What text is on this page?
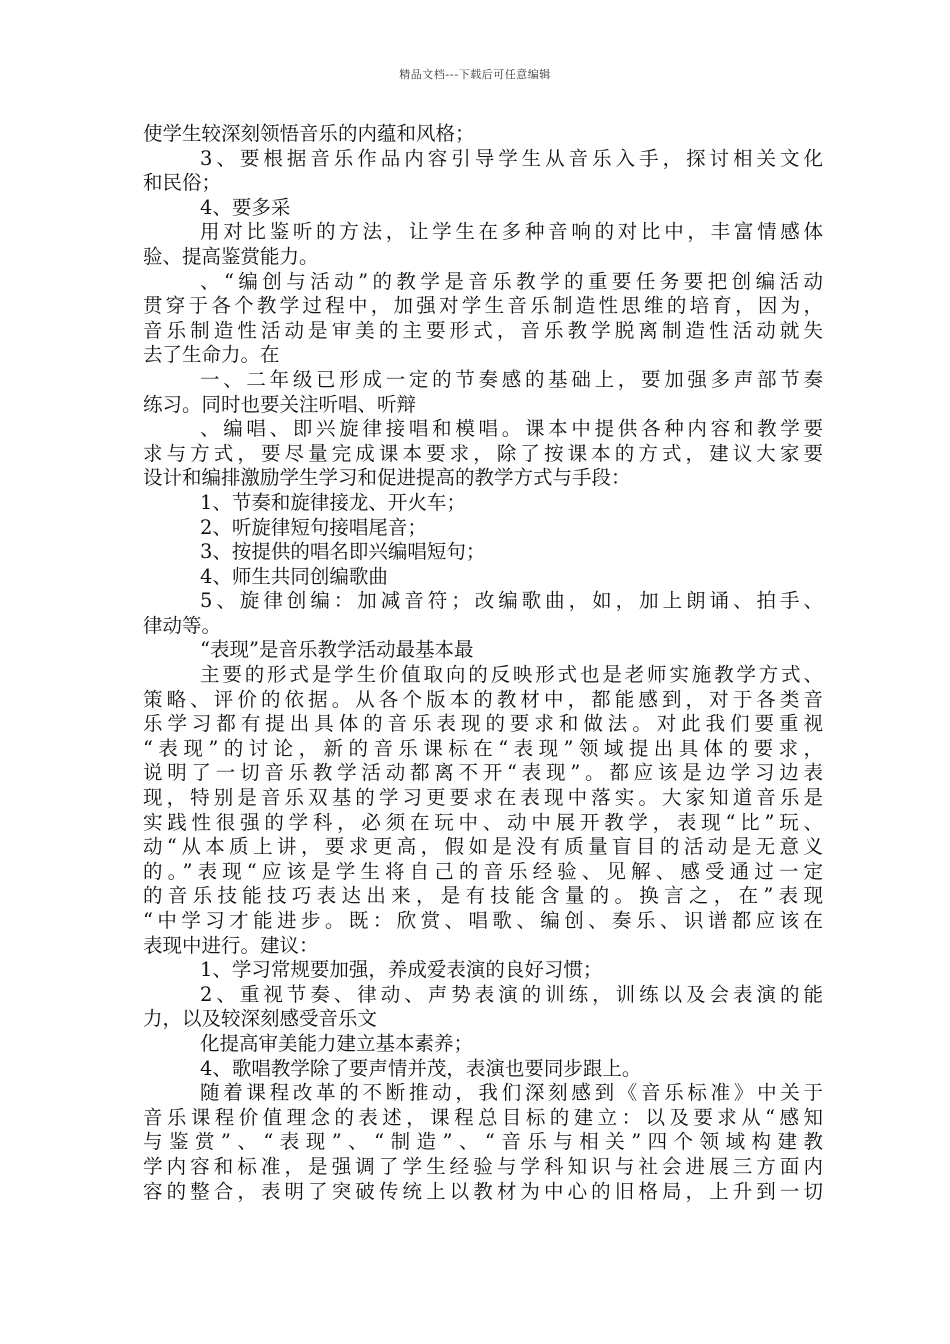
精品文档---下载后可任意编辑
使学生较深刻领悟音乐的内蕴和风格；
3、要根据音乐作品内容引导学生从音乐入手，探讨相关文化
和民俗；
4、要多采
用对比鉴听的方法，让学生在多种音响的对比中，丰富情感体
验、提高鉴赏能力。
、“编创与活动”的教学是音乐教学的重要任务要把创编活动
贯穿于各个教学过程中，加强对学生音乐制造性思维的培育，因为，
音乐制造性活动是审美的主要形式，音乐教学脱离制造性活动就失
去了生命力。在
一、二年级已形成一定的节奏感的基础上，要加强多声部节奏
练习。同时也要关注听唱、听辩
、编唱、即兴旋律接唱和模唱。课本中提供各种内容和教学要
求与方式，要尽量完成课本要求，除了按课本的方式，建议大家要
设计和编排激励学生学习和促进提高的教学方式与手段：
1、节奏和旋律接龙、开火车；
2、听旋律短句接唱尾音；
3、按提供的唱名即兴编唱短句；
4、师生共同创编歌曲
5、旋律创编：加减音符；改编歌曲，如，加上朗诵、拍手、
律动等。
“表现”是音乐教学活动最基本最
主要的形式是学生价值取向的反映形式也是老师实施教学方式、
策略、评价的依据。从各个版本的教材中，都能感到，对于各类音
乐学习都有提出具体的音乐表现的要求和做法。对此我们要重视
“表现”的讨论，新的音乐课标在“表现”领域提出具体的要求，
说明了一切音乐教学活动都离不开“表现”。都应该是边学习边表
现，特别是音乐双基的学习更要求在表现中落实。大家知道音乐是
实践性很强的学科，必须在玩中、动中展开教学，表现“比”玩、
动“从本质上讲，要求更高，假如是没有质量盲目的活动是无意义
的。”表现“应该是学生将自己的音乐经验、见解、感受通过一定
的音乐技能技巧表达出来，是有技能含量的。换言之，在”表现
“中学习才能进步。既：欣赏、唱歌、编创、奏乐、识谱都应该在
表现中进行。建议：
1、学习常规要加强，养成爱表演的良好习惯；
2、重视节奏、律动、声势表演的训练，训练以及会表演的能
力，以及较深刻感受音乐文
化提高审美能力建立基本素养；
4、歌唱教学除了要声情并茂，表演也要同步跟上。
随着课程改革的不断推动，我们深刻感到《音乐标准》中关于
音乐课程价值理念的表述，课程总目标的建立：以及要求从“感知
与鉴赏”、“表现”、“制造”、“音乐与相关”四个领域构建教
学内容和标准，是强调了学生经验与学科知识与社会进展三方面内
容的整合，表明了突破传统上以教材为中心的旧格局，上升到一切
